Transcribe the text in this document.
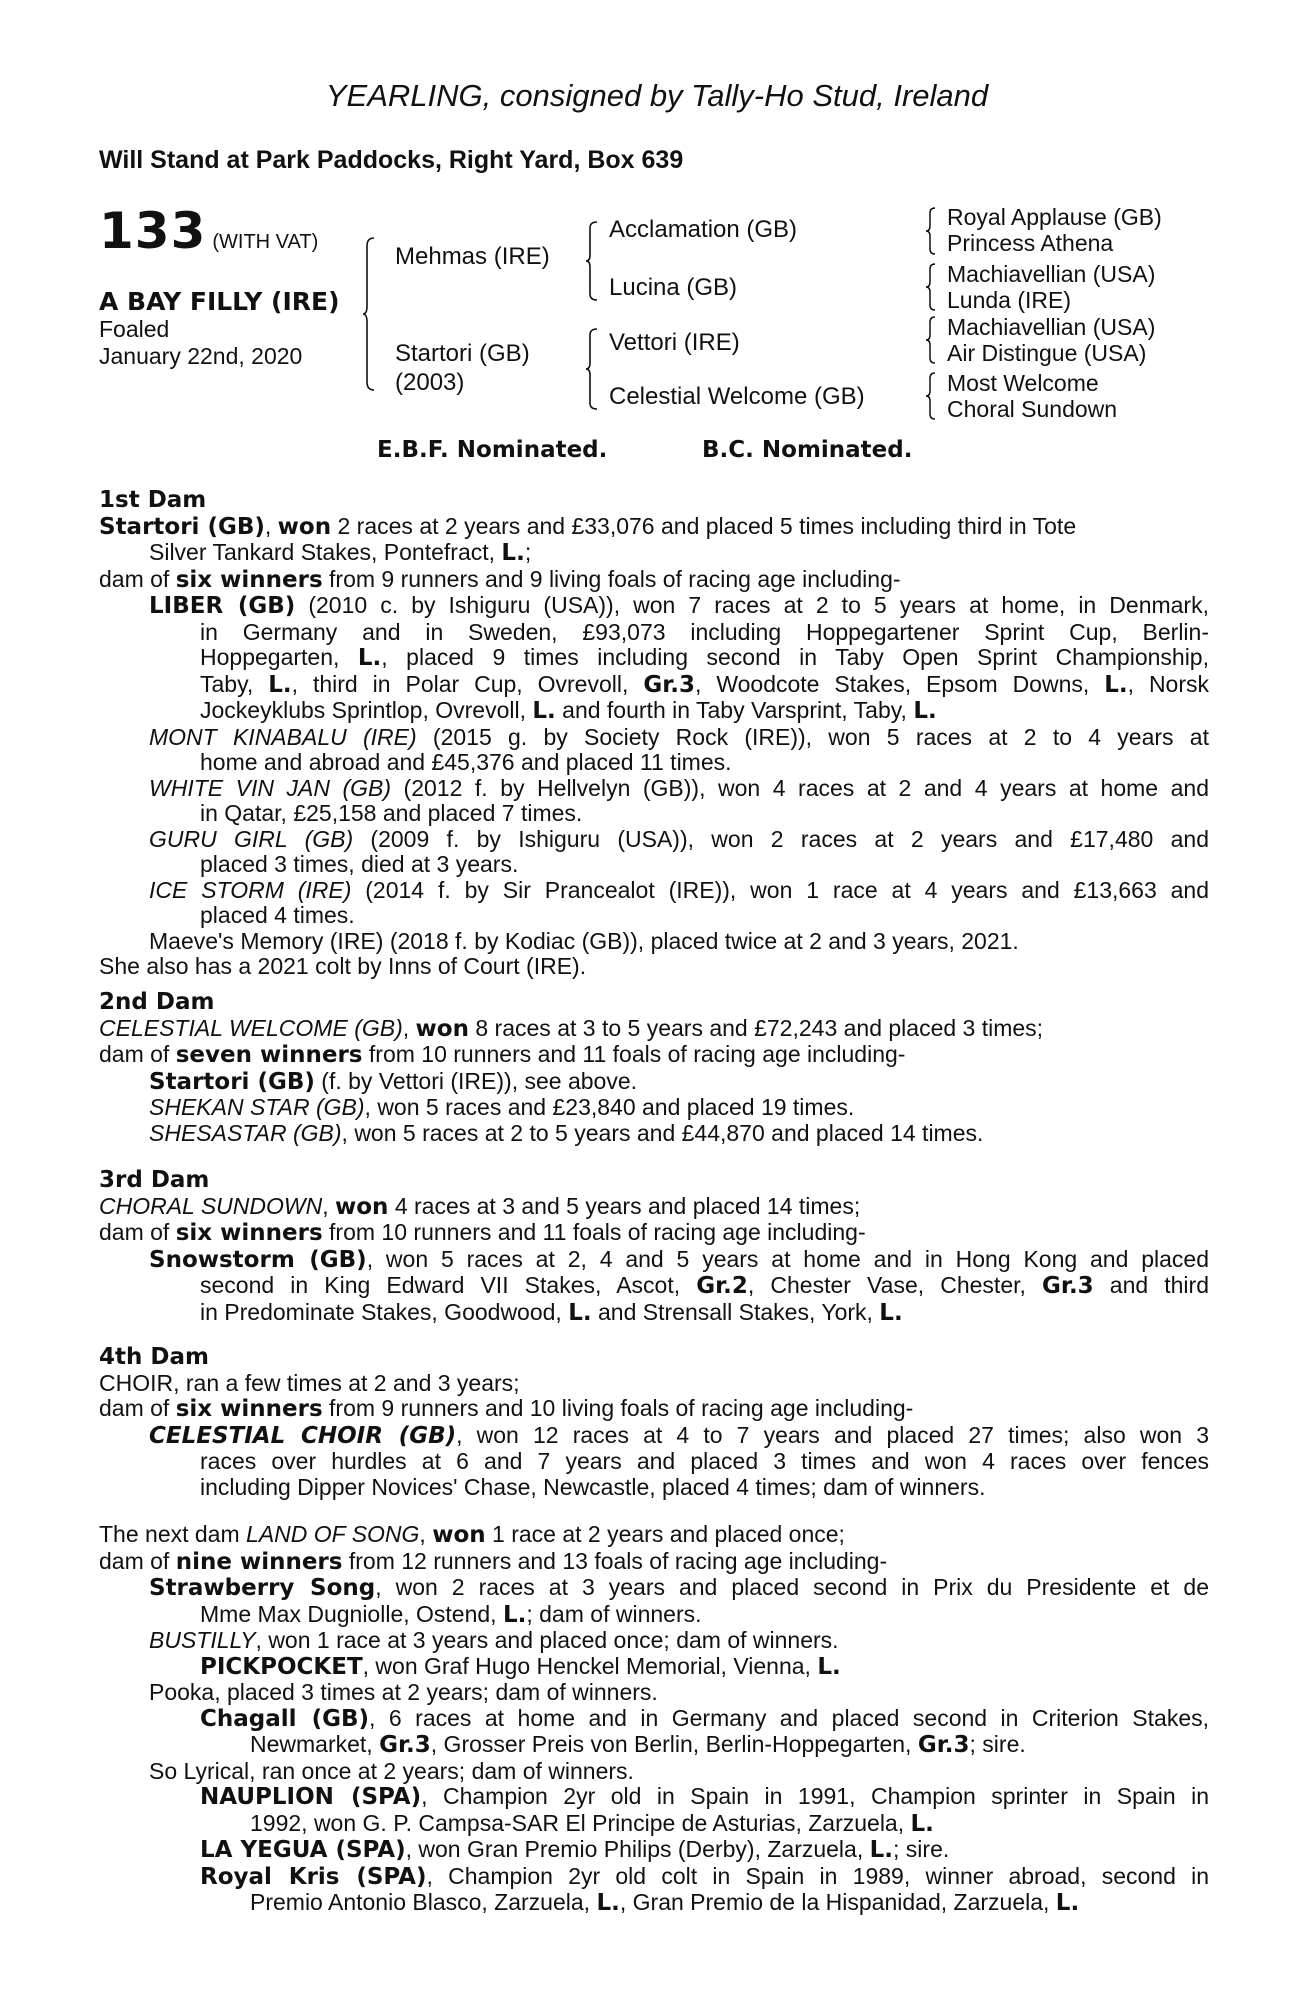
YEARLING, consigned by Tally-Ho Stud, Ireland
Will Stand at Park Paddocks, Right Yard, Box 639
133 (WITH VAT)
A BAY FILLY (IRE)
Foaled
January 22nd, 2020
Mehmas (IRE)
Startori (GB)
(2003)
Acclamation (GB)
Lucina (GB)
Vettori (IRE)
Celestial Welcome (GB)
Royal Applause (GB)
Princess Athena
Machiavellian (USA)
Lunda (IRE)
Machiavellian (USA)
Air Distingue (USA)
Most Welcome
Choral Sundown
E.B.F. Nominated.	B.C. Nominated.
1st Dam
Startori (GB), won 2 races at 2 years and £33,076 and placed 5 times including third in Tote
Silver Tankard Stakes, Pontefract, L.;
dam of six winners from 9 runners and 9 living foals of racing age including-
LIBER (GB) (2010 c. by Ishiguru (USA)), won 7 races at 2 to 5 years at home, in Denmark,
in Germany and in Sweden, £93,073 including Hoppegartener Sprint Cup, Berlin-
Hoppegarten, L., placed 9 times including second in Taby Open Sprint Championship,
Taby, L., third in Polar Cup, Ovrevoll, Gr.3, Woodcote Stakes, Epsom Downs, L., Norsk
Jockeyklubs Sprintlop, Ovrevoll, L. and fourth in Taby Varsprint, Taby, L.
MONT KINABALU (IRE) (2015 g. by Society Rock (IRE)), won 5 races at 2 to 4 years at
home and abroad and £45,376 and placed 11 times.
WHITE VIN JAN (GB) (2012 f. by Hellvelyn (GB)), won 4 races at 2 and 4 years at home and
in Qatar, £25,158 and placed 7 times.
GURU GIRL (GB) (2009 f. by Ishiguru (USA)), won 2 races at 2 years and £17,480 and
placed 3 times, died at 3 years.
ICE STORM (IRE) (2014 f. by Sir Prancealot (IRE)), won 1 race at 4 years and £13,663 and
placed 4 times.
Maeve's Memory (IRE) (2018 f. by Kodiac (GB)), placed twice at 2 and 3 years, 2021.
She also has a 2021 colt by Inns of Court (IRE).
2nd Dam
CELESTIAL WELCOME (GB), won 8 races at 3 to 5 years and £72,243 and placed 3 times;
dam of seven winners from 10 runners and 11 foals of racing age including-
Startori (GB) (f. by Vettori (IRE)), see above.
SHEKAN STAR (GB), won 5 races and £23,840 and placed 19 times.
SHESASTAR (GB), won 5 races at 2 to 5 years and £44,870 and placed 14 times.
3rd Dam
CHORAL SUNDOWN, won 4 races at 3 and 5 years and placed 14 times;
dam of six winners from 10 runners and 11 foals of racing age including-
Snowstorm (GB), won 5 races at 2, 4 and 5 years at home and in Hong Kong and placed
second in King Edward VII Stakes, Ascot, Gr.2, Chester Vase, Chester, Gr.3 and third
in Predominate Stakes, Goodwood, L. and Strensall Stakes, York, L.
4th Dam
CHOIR, ran a few times at 2 and 3 years;
dam of six winners from 9 runners and 10 living foals of racing age including-
CELESTIAL CHOIR (GB), won 12 races at 4 to 7 years and placed 27 times; also won 3
races over hurdles at 6 and 7 years and placed 3 times and won 4 races over fences
including Dipper Novices' Chase, Newcastle, placed 4 times; dam of winners.
The next dam LAND OF SONG, won 1 race at 2 years and placed once;
dam of nine winners from 12 runners and 13 foals of racing age including-
Strawberry Song, won 2 races at 3 years and placed second in Prix du Presidente et de
Mme Max Dugniolle, Ostend, L.; dam of winners.
BUSTILLY, won 1 race at 3 years and placed once; dam of winners.
PICKPOCKET, won Graf Hugo Henckel Memorial, Vienna, L.
Pooka, placed 3 times at 2 years; dam of winners.
Chagall (GB), 6 races at home and in Germany and placed second in Criterion Stakes,
Newmarket, Gr.3, Grosser Preis von Berlin, Berlin-Hoppegarten, Gr.3; sire.
So Lyrical, ran once at 2 years; dam of winners.
NAUPLION (SPA), Champion 2yr old in Spain in 1991, Champion sprinter in Spain in
1992, won G. P. Campsa-SAR El Principe de Asturias, Zarzuela, L.
LA YEGUA (SPA), won Gran Premio Philips (Derby), Zarzuela, L.; sire.
Royal Kris (SPA), Champion 2yr old colt in Spain in 1989, winner abroad, second in
Premio Antonio Blasco, Zarzuela, L., Gran Premio de la Hispanidad, Zarzuela, L.
